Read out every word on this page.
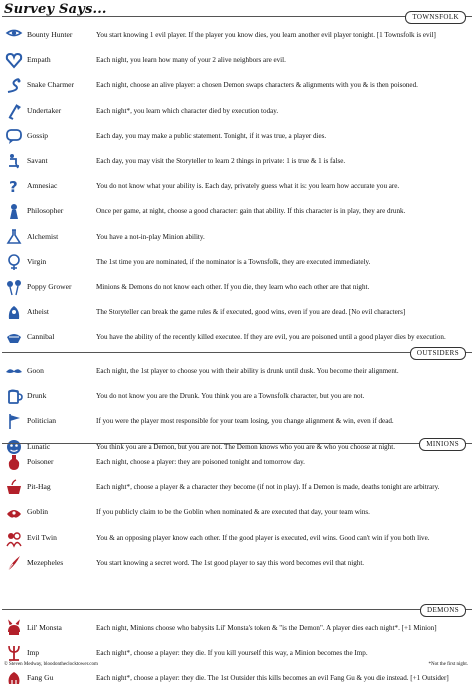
Survey Says...	TOWNSFOLK
Bounty Hunter	You start knowing 1 evil player. If the player you know dies, you learn another evil player tonight. [1 Townsfolk is evil]
Empath	Each night, you learn how many of your 2 alive neighbors are evil.
Snake Charmer	Each night, choose an alive player: a chosen Demon swaps characters & alignments with you & is then poisoned.
Undertaker	Each night*, you learn which character died by execution today.
Gossip	Each day, you may make a public statement. Tonight, if it was true, a player dies.
Savant	Each day, you may visit the Storyteller to learn 2 things in private: 1 is true & 1 is false.
? Amnesiac	You do not know what your ability is. Each day, privately guess what it is: you learn how accurate you are.
Philosopher	Once per game, at night, choose a good character: gain that ability. If this character is in play, they are drunk.
Alchemist	You have a not-in-play Minion ability.
Virgin	The 1st time you are nominated, if the nominator is a Townsfolk, they are executed immediately.
Poppy Grower	Minions & Demons do not know each other. If you die, they learn who each other are that night.
Atheist	The Storyteller can break the game rules & if executed, good wins, even if you are dead. [No evil characters]
Cannibal	You have the ability of the recently killed executee. If they are evil, you are poisoned until a good player dies by execution.
OUTSIDERS
Goon	Each night, the 1st player to choose you with their ability is drunk until dusk. You become their alignment.
Drunk	You do not know you are the Drunk. You think you are a Townsfolk character, but you are not.
Politician	If you were the player most responsible for your team losing, you change alignment & win, even if dead.
Lunatic	You think you are a Demon, but you are not. The Demon knows who you are & who you choose at night.	MINIONS
Poisoner	Each night, choose a player: they are poisoned tonight and tomorrow day.
Pit-Hag	Each night*, choose a player & a character they become (if not in play). If a Demon is made, deaths tonight are arbitrary.
Goblin	If you publicly claim to be the Goblin when nominated & are executed that day, your team wins.
Evil Twin	You & an opposing player know each other. If the good player is executed, evil wins. Good can't win if you both live.
Mezepheles	You start knowing a secret word. The 1st good player to say this word becomes evil that night.
DEMONS
Lil' Monsta	Each night, Minions choose who babysits Lil' Monsta's token & "is the Demon". A player dies each night*. [+1 Minion]
Imp	Each night*, choose a player: they die. If you kill yourself this way, a Minion becomes the Imp.
Fang Gu	Each night*, choose a player: they die. The 1st Outsider this kills becomes an evil Fang Gu & you die instead. [+1 Outsider]
© Steven Medway, bloodontheclocktower.com	*Not the first night.
